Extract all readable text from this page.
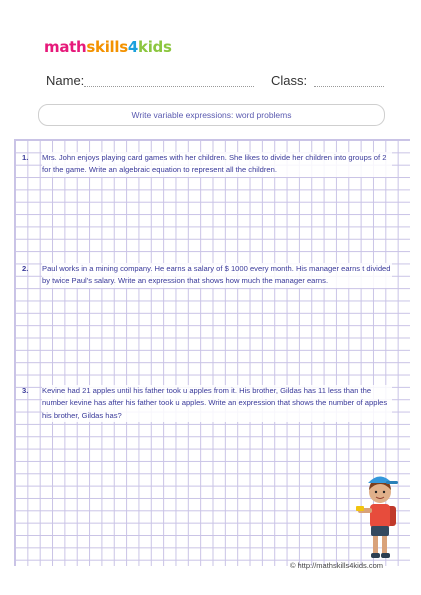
math skills 4 kids
Name:	Class:
Write variable expressions: word problems
1. Mrs. John enjoys playing card games with her children. She likes to divide her children into groups of 2 for the game. Write an algebraic equation to represent all the children.
2. Paul works in a mining company. He earns a salary of $ 1000 every month. His manager earns t divided by twice Paul's salary. Write an expression that shows how much the manager earns.
3. Kevine had 21 apples until his father took u apples from it. His brother, Gildas has 11 less than the number kevine has after his father took u apples. Write an expression that shows the number of apples his brother, Gildas has?
© http://mathskills4kids.com
